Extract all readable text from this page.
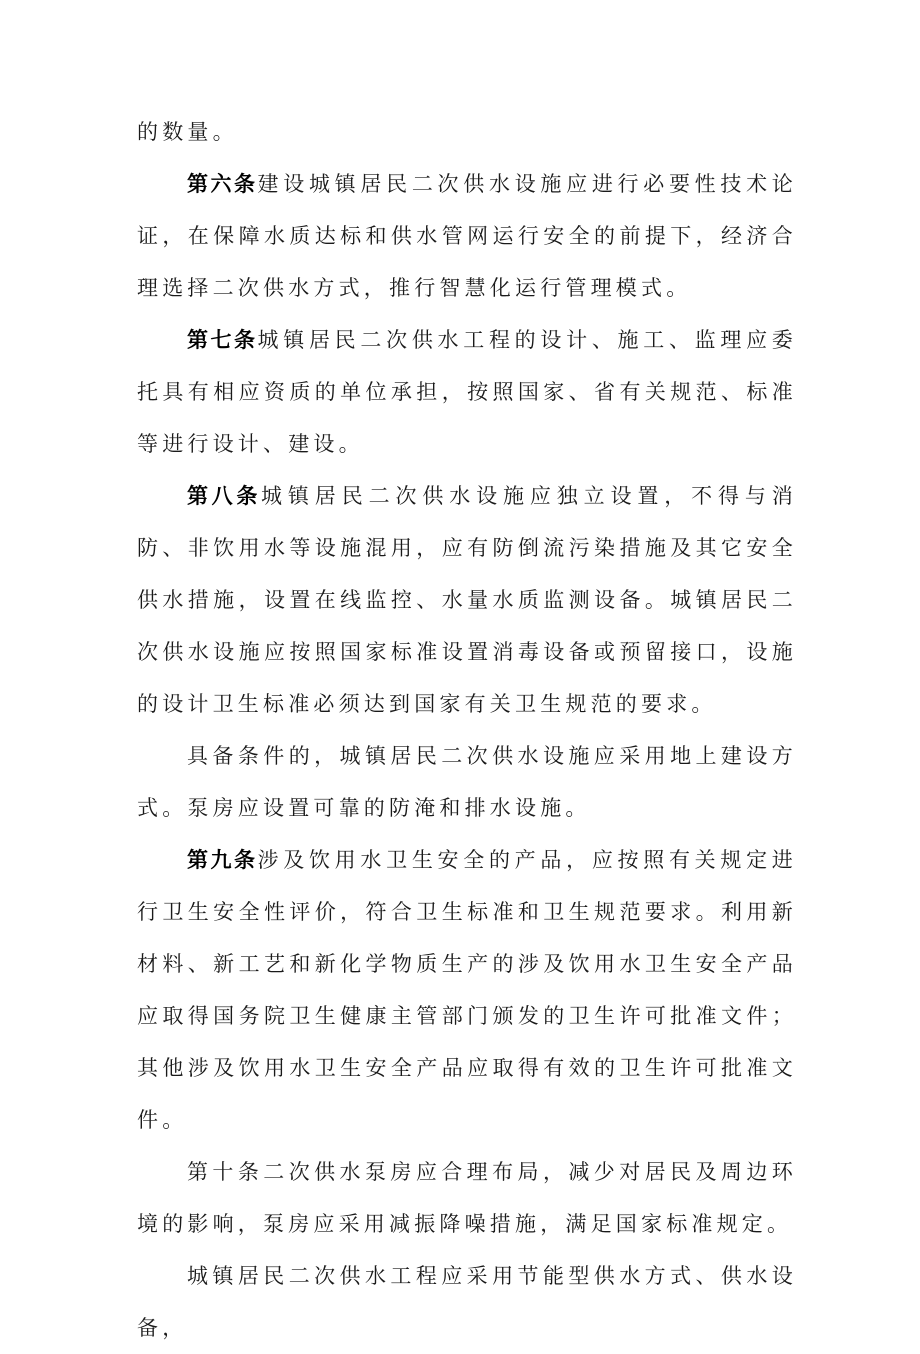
的数量。

第六条建设城镇居民二次供水设施应进行必要性技术论证，在保障水质达标和供水管网运行安全的前提下，经济合理选择二次供水方式，推行智慧化运行管理模式。

第七条城镇居民二次供水工程的设计、施工、监理应委托具有相应资质的单位承担，按照国家、省有关规范、标准等进行设计、建设。

第八条城镇居民二次供水设施应独立设置，不得与消防、非饮用水等设施混用，应有防倒流污染措施及其它安全供水措施，设置在线监控、水量水质监测设备。城镇居民二次供水设施应按照国家标准设置消毒设备或预留接口，设施的设计卫生标准必须达到国家有关卫生规范的要求。

具备条件的，城镇居民二次供水设施应采用地上建设方式。泵房应设置可靠的防淹和排水设施。

第九条涉及饮用水卫生安全的产品，应按照有关规定进行卫生安全性评价，符合卫生标准和卫生规范要求。利用新材料、新工艺和新化学物质生产的涉及饮用水卫生安全产品应取得国务院卫生健康主管部门颁发的卫生许可批准文件；其他涉及饮用水卫生安全产品应取得有效的卫生许可批准文件。

第十条二次供水泵房应合理布局，减少对居民及周边环境的影响，泵房应采用减振降噪措施，满足国家标准规定。

城镇居民二次供水工程应采用节能型供水方式、供水设备，
